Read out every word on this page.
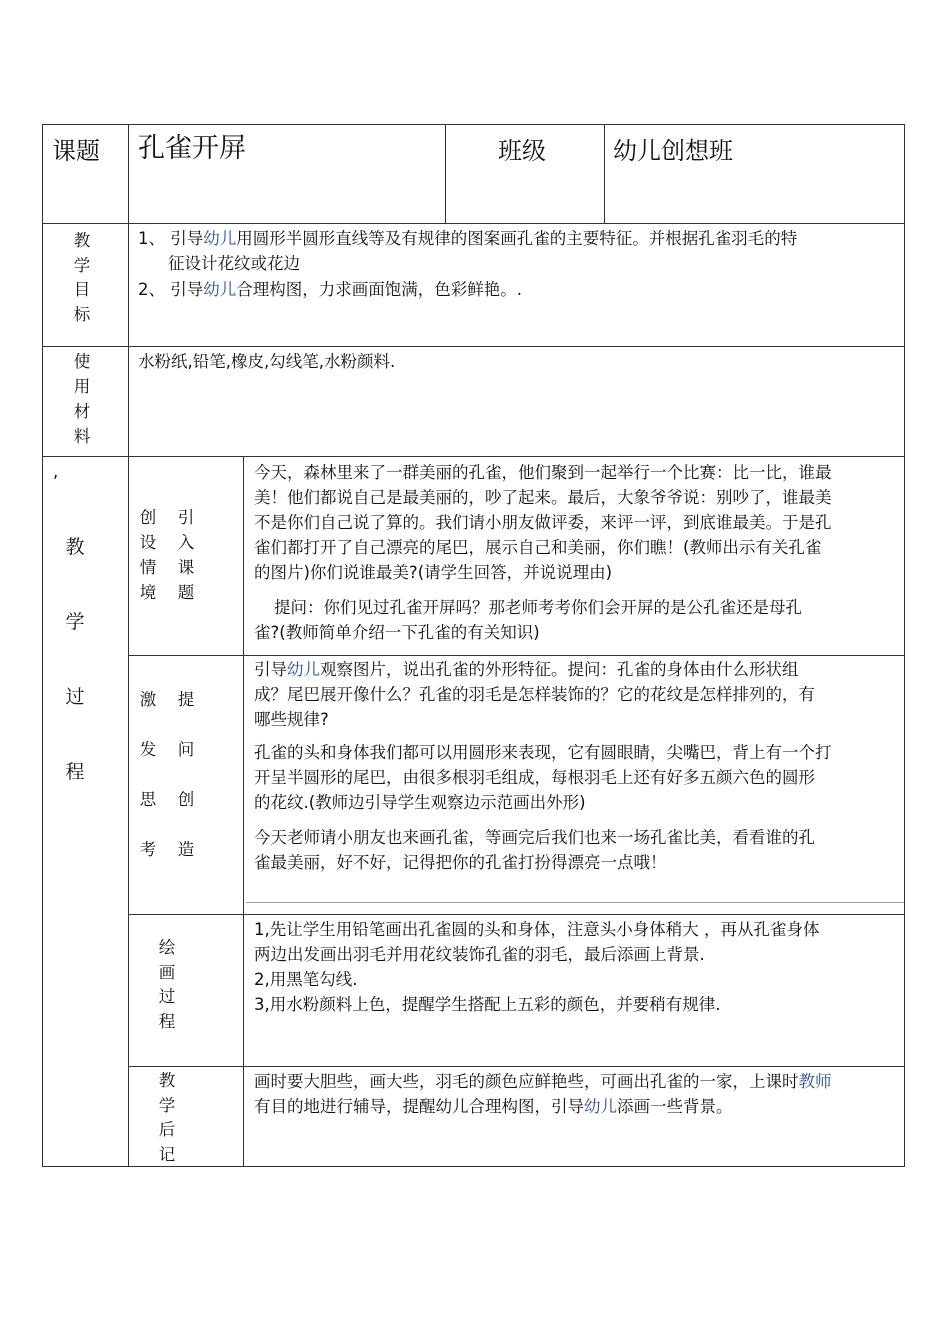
课题 孔雀开屏	班级	幼儿创想班
教
学
目
标
1、 引导幼儿用圆形半圆形直线等及有规律的图案画孔雀的主要特征。并根据孔雀羽毛的特
征设计花纹或花边
2、 引导幼儿合理构图，力求画面饱满，色彩鲜艳。.
使
用
材
料
水粉纸,铅笔,橡皮,勾线笔,水粉颜料.
,
教
学
过
程
创
设
情
境
引
入
课
题
今天，森林里来了一群美丽的孔雀，他们聚到一起举行一个比赛：比一比，谁最
美！他们都说自己是最美丽的，吵了起来。最后，大象爷爷说：别吵了，谁最美
不是你们自己说了算的。我们请小朋友做评委，来评一评，到底谁最美。于是孔
雀们都打开了自己漂亮的尾巴，展示自己和美丽，你们瞧！(教师出示有关孔雀
的图片)你们说谁最美?(请学生回答，并说说理由)
提问：你们见过孔雀开屏吗？那老师考考你们会开屏的是公孔雀还是母孔
雀?(教师简单介绍一下孔雀的有关知识)
激
发
思
考
提
问
创
造
引导幼儿观察图片，说出孔雀的外形特征。提问：孔雀的身体由什么形状组
成？尾巴展开像什么？孔雀的羽毛是怎样装饰的？它的花纹是怎样排列的，有
哪些规律?
孔雀的头和身体我们都可以用圆形来表现，它有圆眼睛，尖嘴巴，背上有一个打
开呈半圆形的尾巴，由很多根羽毛组成，每根羽毛上还有好多五颜六色的圆形
的花纹.(教师边引导学生观察边示范画出外形)
今天老师请小朋友也来画孔雀，等画完后我们也来一场孔雀比美，看看谁的孔
雀最美丽，好不好，记得把你的孔雀打扮得漂亮一点哦！
绘
画
过
程
1,先让学生用铅笔画出孔雀圆的头和身体，注意头小身体稍大 ，再从孔雀身体
两边出发画出羽毛并用花纹装饰孔雀的羽毛，最后添画上背景.
2,用黑笔勾线.
3,用水粉颜料上色，提醒学生搭配上五彩的颜色，并要稍有规律.
教
学
后
记
画时要大胆些，画大些，羽毛的颜色应鲜艳些，可画出孔雀的一家，上课时教师
有目的地进行辅导，提醒幼儿合理构图，引导幼儿添画一些背景。
